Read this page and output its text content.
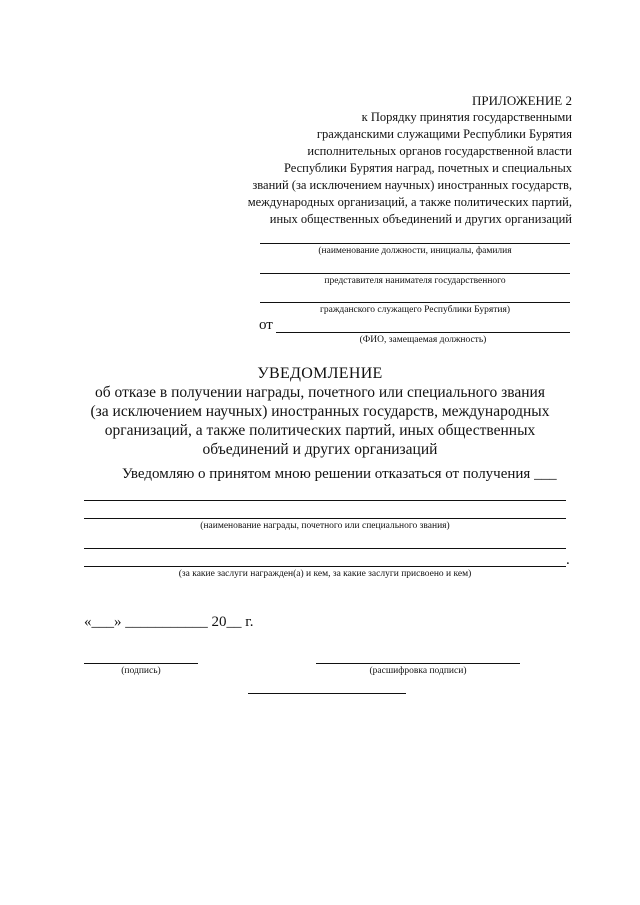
ПРИЛОЖЕНИЕ 2
к Порядку принятия государственными
гражданскими служащими Республики Бурятия
исполнительных органов государственной власти
Республики Бурятия наград, почетных и специальных
званий (за исключением научных) иностранных государств,
международных организаций, а также политических партий,
иных общественных объединений и других организаций
(наименование должности, инициалы, фамилия
представителя нанимателя государственного
гражданского служащего Республики Бурятия)
от
(ФИО, замещаемая должность)
УВЕДОМЛЕНИЕ
об отказе в получении награды, почетного или специального звания
(за исключением научных) иностранных государств, международных
организаций, а также политических партий, иных общественных
объединений и других организаций
Уведомляю о принятом мною решении отказаться от получения ___
(наименование награды, почетного или специального звания)
.
(за какие заслуги награжден(а) и кем, за какие заслуги присвоено и кем)
«___» ___________ 20__ г.
(подпись)	(расшифровка подписи)
